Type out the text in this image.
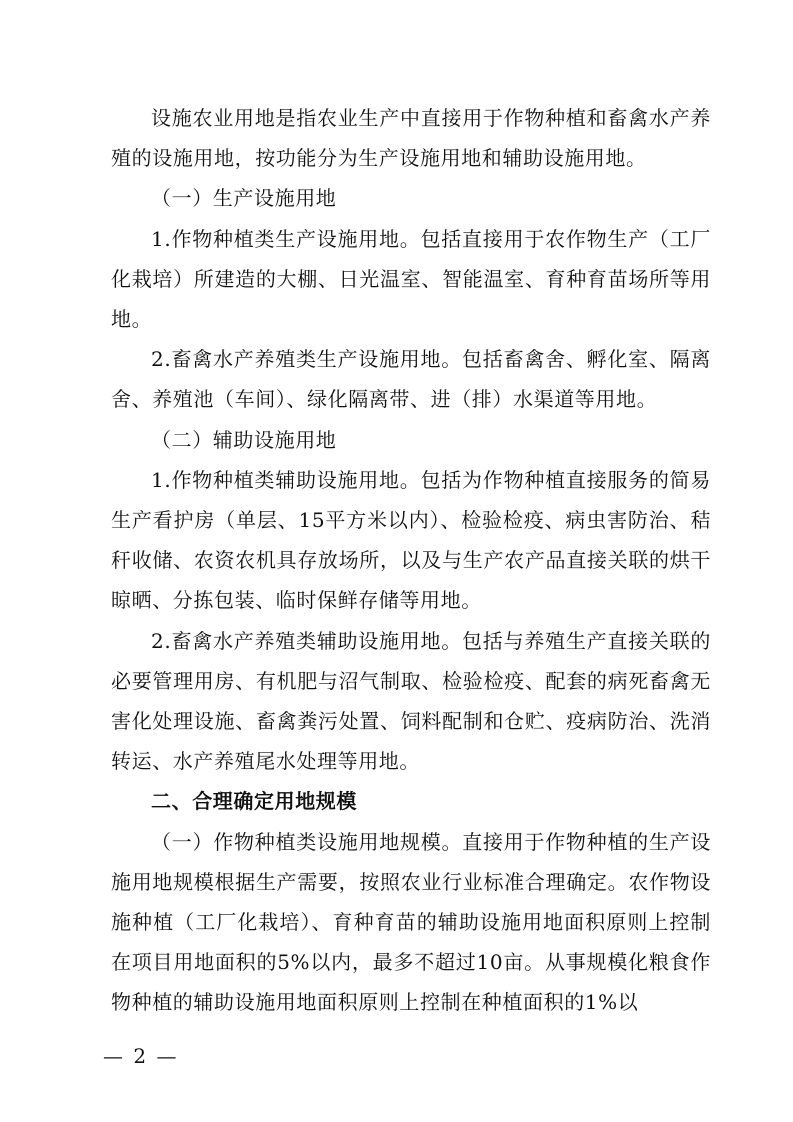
设施农业用地是指农业生产中直接用于作物种植和畜禽水产养殖的设施用地，按功能分为生产设施用地和辅助设施用地。

（一）生产设施用地

1.作物种植类生产设施用地。包括直接用于农作物生产（工厂化栽培）所建造的大棚、日光温室、智能温室、育种育苗场所等用地。

2.畜禽水产养殖类生产设施用地。包括畜禽舍、孵化室、隔离舍、养殖池（车间）、绿化隔离带、进（排）水渠道等用地。

（二）辅助设施用地

1.作物种植类辅助设施用地。包括为作物种植直接服务的简易生产看护房（单层、15平方米以内）、检验检疫、病虫害防治、秸秆收储、农资农机具存放场所，以及与生产农产品直接关联的烘干晾晒、分拣包装、临时保鲜存储等用地。

2.畜禽水产养殖类辅助设施用地。包括与养殖生产直接关联的必要管理用房、有机肥与沼气制取、检验检疫、配套的病死畜禽无害化处理设施、畜禽粪污处置、饲料配制和仓贮、疫病防治、洗消转运、水产养殖尾水处理等用地。

二、合理确定用地规模

（一）作物种植类设施用地规模。直接用于作物种植的生产设施用地规模根据生产需要，按照农业行业标准合理确定。农作物设施种植（工厂化栽培）、育种育苗的辅助设施用地面积原则上控制在项目用地面积的5%以内，最多不超过10亩。从事规模化粮食作物种植的辅助设施用地面积原则上控制在种植面积的1%以

— 2 —
